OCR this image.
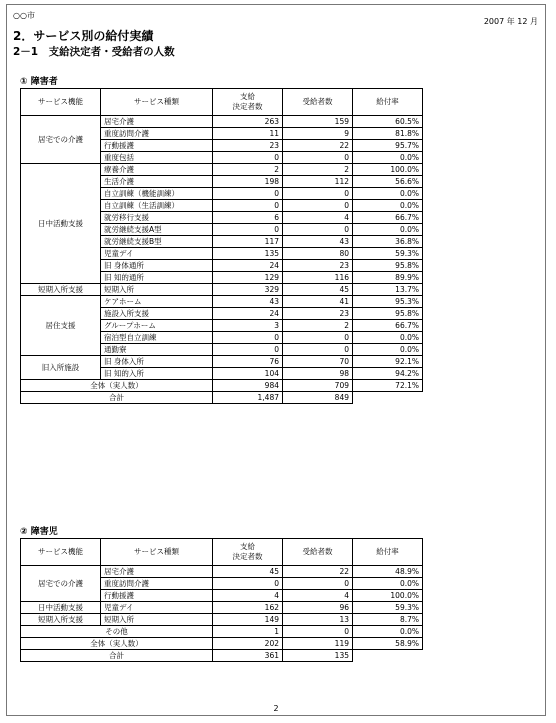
○○市
2007 年 12 月
2．サービス別の給付実績
2－1　支給決定者・受給者の人数
① 障害者
サービス機能	サービス種類	支給
決定者数	受給者数	給付率
居宅での介護	居宅介護	263	159	60.5%
	重度訪問介護	11	9	81.8%
	行動援護	23	22	95.7%
	重度包括	0	0	0.0%
日中活動支援	療養介護	2	2	100.0%
	生活介護	198	112	56.6%
	自立訓練（機能訓練）	0	0	0.0%
	自立訓練（生活訓練）	0	0	0.0%
	就労移行支援	6	4	66.7%
	就労継続支援A型	0	0	0.0%
	就労継続支援B型	117	43	36.8%
	児童デイ	135	80	59.3%
	旧 身体通所	24	23	95.8%
	旧 知的通所	129	116	89.9%
短期入所支援	短期入所	329	45	13.7%
居住支援	ケアホーム	43	41	95.3%
	施設入所支援	24	23	95.8%
	グループホーム	3	2	66.7%
	宿泊型自立訓練	0	0	0.0%
	通勤寮	0	0	0.0%
旧入所施設	旧 身体入所	76	70	92.1%
	旧 知的入所	104	98	94.2%
全体（実人数）		984	709	72.1%
合計		1,487	849	
② 障害児
サービス機能	サービス種類	支給
決定者数	受給者数	給付率
居宅での介護	居宅介護	45	22	48.9%
	重度訪問介護	0	0	0.0%
	行動援護	4	4	100.0%
日中活動支援	児童デイ	162	96	59.3%
短期入所支援	短期入所	149	13	8.7%
その他		1	0	0.0%
全体（実人数）		202	119	58.9%
合計		361	135	
2
